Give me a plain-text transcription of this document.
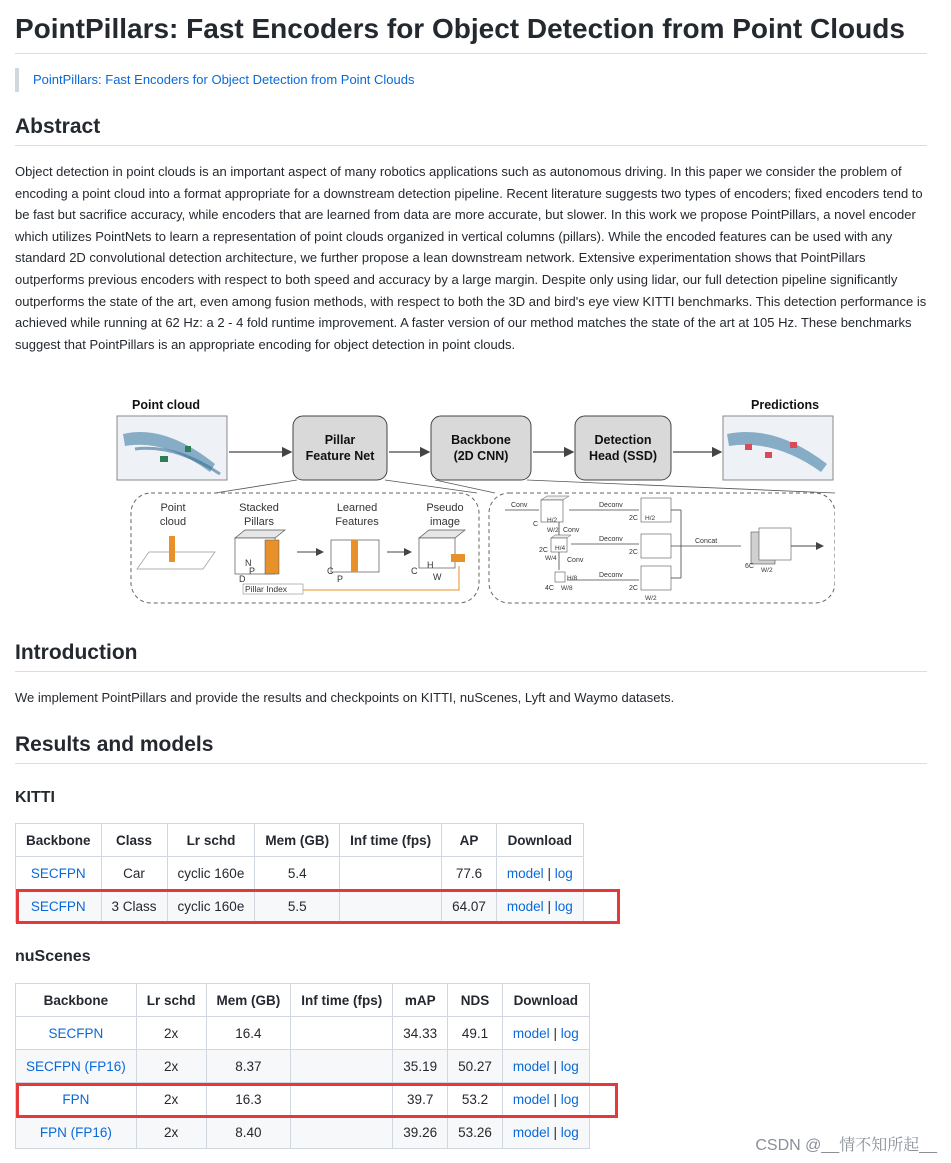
PointPillars: Fast Encoders for Object Detection from Point Clouds
PointPillars: Fast Encoders for Object Detection from Point Clouds
Abstract

Object detection in point clouds is an important aspect of many robotics applications such as autonomous driving. In this paper we consider the problem of encoding a point cloud into a format appropriate for a downstream detection pipeline. Recent literature suggests two types of encoders; fixed encoders tend to be fast but sacrifice accuracy, while encoders that are learned from data are more accurate, but slower. In this work we propose PointPillars, a novel encoder which utilizes PointNets to learn a representation of point clouds organized in vertical columns (pillars). While the encoded features can be used with any standard 2D convolutional detection architecture, we further propose a lean downstream network. Extensive experimentation shows that PointPillars outperforms previous encoders with respect to both speed and accuracy by a large margin. Despite only using lidar, our full detection pipeline significantly outperforms the state of the art, even among fusion methods, with respect to both the 3D and bird's eye view KITTI benchmarks. This detection performance is achieved while running at 62 Hz: a 2 - 4 fold runtime improvement. A faster version of our method matches the state of the art at 105 Hz. These benchmarks suggest that PointPillars is an appropriate encoding for object detection in point clouds.

Point cloud
Pillar
Feature Net
Backbone
(2D CNN)
Detection
Head (SSD)
Predictions
Point
cloud
Stacked
Pillars
D
P
N
Learned
Features
C
P
Pseudo
image
C
H
W
Pillar Index
Conv
C
H/2
W/2 Conv
Deconv
2C H/4
W/4 Conv
Deconv
4C
H/8
W/8
Deconv
2C
2C
2C
H/2
W/2
Concat
6C
W/2
Introduction

We implement PointPillars and provide the results and checkpoints on KITTI, nuScenes, Lyft and Waymo datasets.

Results and models
KITTI
Backbone	Class	Lr schd	Mem (GB)	Inf time (fps)	AP	Download
SECFPN	Car	cyclic 160e	5.4		77.6	model | log
SECFPN	3 Class	cyclic 160e	5.5		64.07	model | log
nuScenes
Backbone	Lr schd	Mem (GB)	Inf time (fps)	mAP	NDS	Download
SECFPN	2x	16.4		34.33	49.1	model | log
SECFPN (FP16)	2x	8.37		35.19	50.27	model | log
FPN	2x	16.3		39.7	53.2	model | log
FPN (FP16)	2x	8.40		39.26	53.26	model | log
CSDN @__情不知所起__
